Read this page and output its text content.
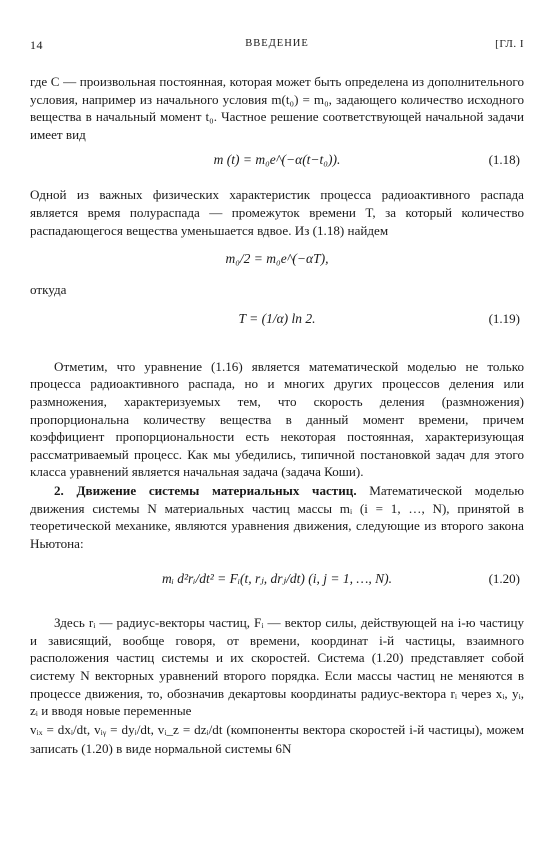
14	ВВЕДЕНИЕ	[ГЛ. I

где C — произвольная постоянная, которая может быть определена из дополнительного условия, например из начального условия m(t₀) = m₀, задающего количество исходного вещества в начальный момент t₀. Частное решение соответствующей начальной задачи имеет вид

m (t) = m₀e^(−α(t−t₀)).	(1.18)

Одной из важных физических характеристик процесса радиоактивного распада является время полураспада — промежуток времени T, за который количество распадающегося вещества уменьшается вдвое. Из (1.18) найдем

m₀/2 = m₀e^(−αT),

откуда

T = (1/α) ln 2.	(1.19)

Отметим, что уравнение (1.16) является математической моделью не только процесса радиоактивного распада, но и многих других процессов деления или размножения, характеризуемых тем, что скорость деления (размножения) пропорциональна количеству вещества в данный момент времени, причем коэффициент пропорциональности есть некоторая постоянная, характеризующая рассматриваемый процесс. Как мы убедились, типичной постановкой задач для этого класса уравнений является начальная задача (задача Коши).

2. Движение системы материальных частиц. Математической моделью движения системы N материальных частиц массы mᵢ (i = 1, …, N), принятой в теоретической механике, являются уравнения движения, следующие из второго закона Ньютона:

mᵢ d²rᵢ/dt² = Fᵢ(t, rⱼ, drⱼ/dt) (i, j = 1, …, N).	(1.20)

Здесь rᵢ — радиус-векторы частиц, Fᵢ — вектор силы, действующей на i-ю частицу и зависящий, вообще говоря, от времени, координат i-й частицы, взаимного расположения частиц системы и их скоростей. Система (1.20) представляет собой систему N векторных уравнений второго порядка. Если массы частиц не меняются в процессе движения, то, обозначив декартовы координаты радиус-вектора rᵢ через xᵢ, yᵢ, zᵢ и вводя новые переменные

vᵢₓ = dxᵢ/dt, vᵢᵧ = dyᵢ/dt, vᵢ_z = dzᵢ/dt (компоненты вектора скоростей i-й частицы), можем записать (1.20) в виде нормальной системы 6N
